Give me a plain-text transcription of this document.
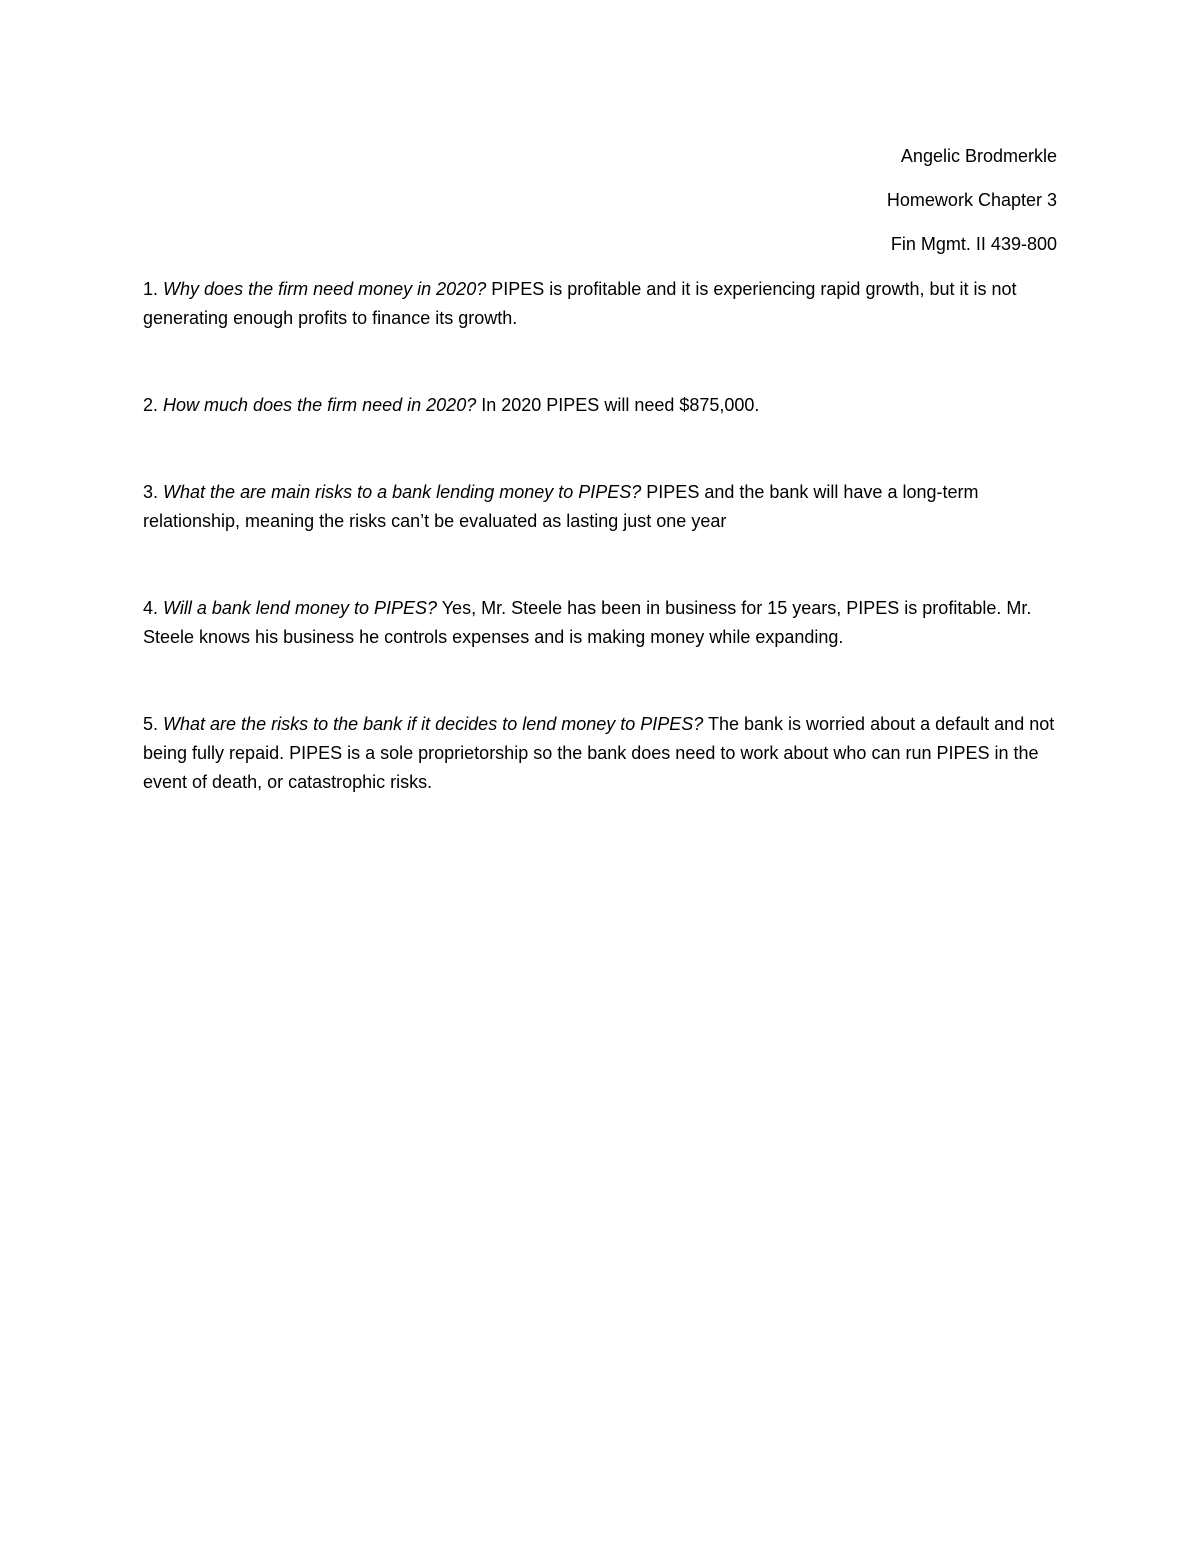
Angelic Brodmerkle
Homework Chapter 3
Fin Mgmt. II 439-800

1. Why does the firm need money in 2020? PIPES is profitable and it is experiencing rapid growth, but it is not generating enough profits to finance its growth.

2. How much does the firm need in 2020? In 2020 PIPES will need $875,000.

3. What the are main risks to a bank lending money to PIPES? PIPES and the bank will have a long-term relationship, meaning the risks can’t be evaluated as lasting just one year

4. Will a bank lend money to PIPES? Yes, Mr. Steele has been in business for 15 years, PIPES is profitable. Mr. Steele knows his business he controls expenses and is making money while expanding.

5. What are the risks to the bank if it decides to lend money to PIPES? The bank is worried about a default and not being fully repaid. PIPES is a sole proprietorship so the bank does need to work about who can run PIPES in the event of death, or catastrophic risks.
